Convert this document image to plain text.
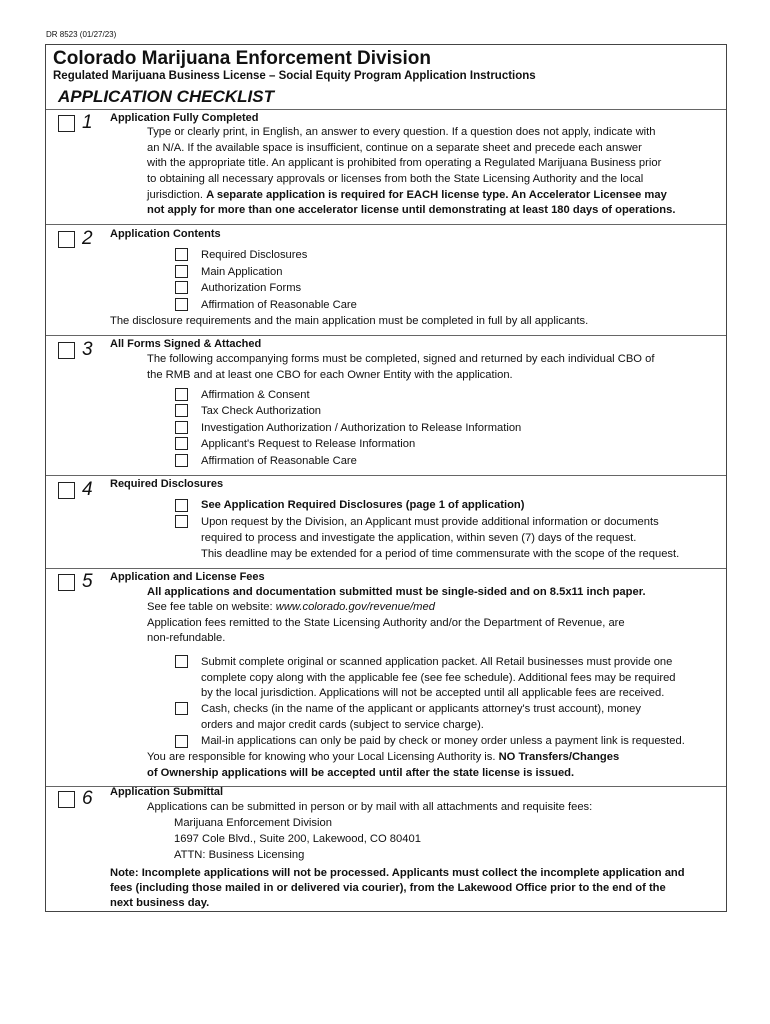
DR 8523 (01/27/23)
Colorado Marijuana Enforcement Division
Regulated Marijuana Business License – Social Equity Program Application Instructions
APPLICATION CHECKLIST
1 Application Fully Completed
Type or clearly print, in English, an answer to every question. If a question does not apply, indicate with
an N/A. If the available space is insufficient, continue on a separate sheet and precede each answer
with the appropriate title. An applicant is prohibited from operating a Regulated Marijuana Business prior
to obtaining all necessary approvals or licenses from both the State Licensing Authority and the local
jurisdiction. A separate application is required for EACH license type. An Accelerator Licensee may
not apply for more than one accelerator license until demonstrating at least 180 days of operations.
2 Application Contents
Required Disclosures
Main Application
Authorization Forms
Affirmation of Reasonable Care
The disclosure requirements and the main application must be completed in full by all applicants.
3 All Forms Signed & Attached
The following accompanying forms must be completed, signed and returned by each individual CBO of
the RMB and at least one CBO for each Owner Entity with the application.
Affirmation & Consent
Tax Check Authorization
Investigation Authorization / Authorization to Release Information
Applicant's Request to Release Information
Affirmation of Reasonable Care
4 Required Disclosures
See Application Required Disclosures (page 1 of application)
Upon request by the Division, an Applicant must provide additional information or documents
required to process and investigate the application, within seven (7) days of the request.
This deadline may be extended for a period of time commensurate with the scope of the request.
5 Application and License Fees
All applications and documentation submitted must be single-sided and on 8.5x11 inch paper.
See fee table on website: www.colorado.gov/revenue/med
Application fees remitted to the State Licensing Authority and/or the Department of Revenue, are
non-refundable.
Submit complete original or scanned application packet. All Retail businesses must provide one
complete copy along with the applicable fee (see fee schedule). Additional fees may be required
by the local jurisdiction. Applications will not be accepted until all applicable fees are received.
Cash, checks (in the name of the applicant or applicants attorney's trust account), money
orders and major credit cards (subject to service charge).
Mail-in applications can only be paid by check or money order unless a payment link is requested.
You are responsible for knowing who your Local Licensing Authority is. NO Transfers/Changes
of Ownership applications will be accepted until after the state license is issued.
6 Application Submittal
Applications can be submitted in person or by mail with all attachments and requisite fees:
Marijuana Enforcement Division
1697 Cole Blvd., Suite 200, Lakewood, CO 80401
ATTN: Business Licensing
Note: Incomplete applications will not be processed. Applicants must collect the incomplete application and
fees (including those mailed in or delivered via courier), from the Lakewood Office prior to the end of the
next business day.
